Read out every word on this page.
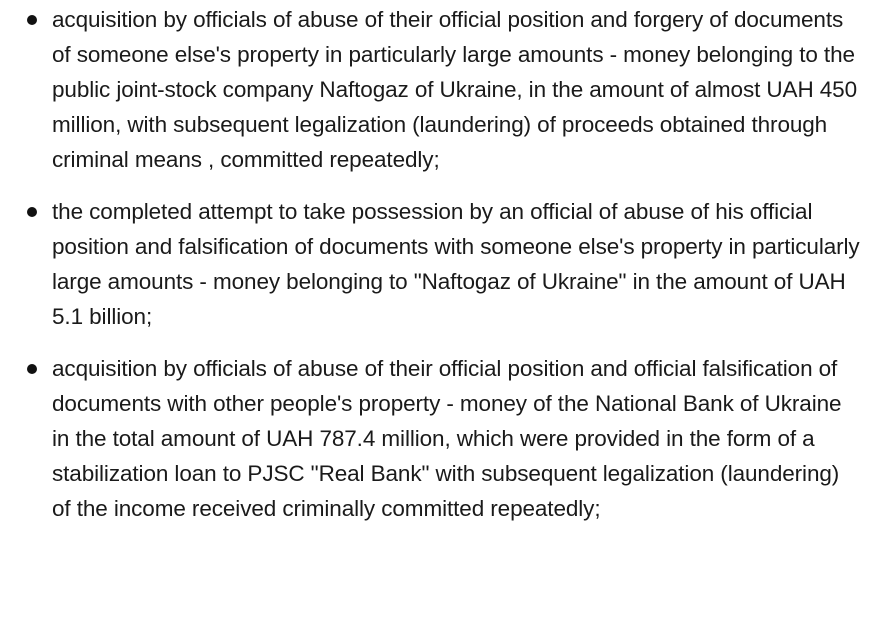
acquisition by officials of abuse of their official position and forgery of documents of someone else's property in particularly large amounts - money belonging to the public joint-stock company Naftogaz of Ukraine, in the amount of almost UAH 450 million, with subsequent legalization (laundering) of proceeds obtained through criminal means , committed repeatedly;
the completed attempt to take possession by an official of abuse of his official position and falsification of documents with someone else's property in particularly large amounts - money belonging to "Naftogaz of Ukraine" in the amount of UAH 5.1 billion;
acquisition by officials of abuse of their official position and official falsification of documents with other people's property - money of the National Bank of Ukraine in the total amount of UAH 787.4 million, which were provided in the form of a stabilization loan to PJSC "Real Bank" with subsequent legalization (laundering) of the income received criminally committed repeatedly;
